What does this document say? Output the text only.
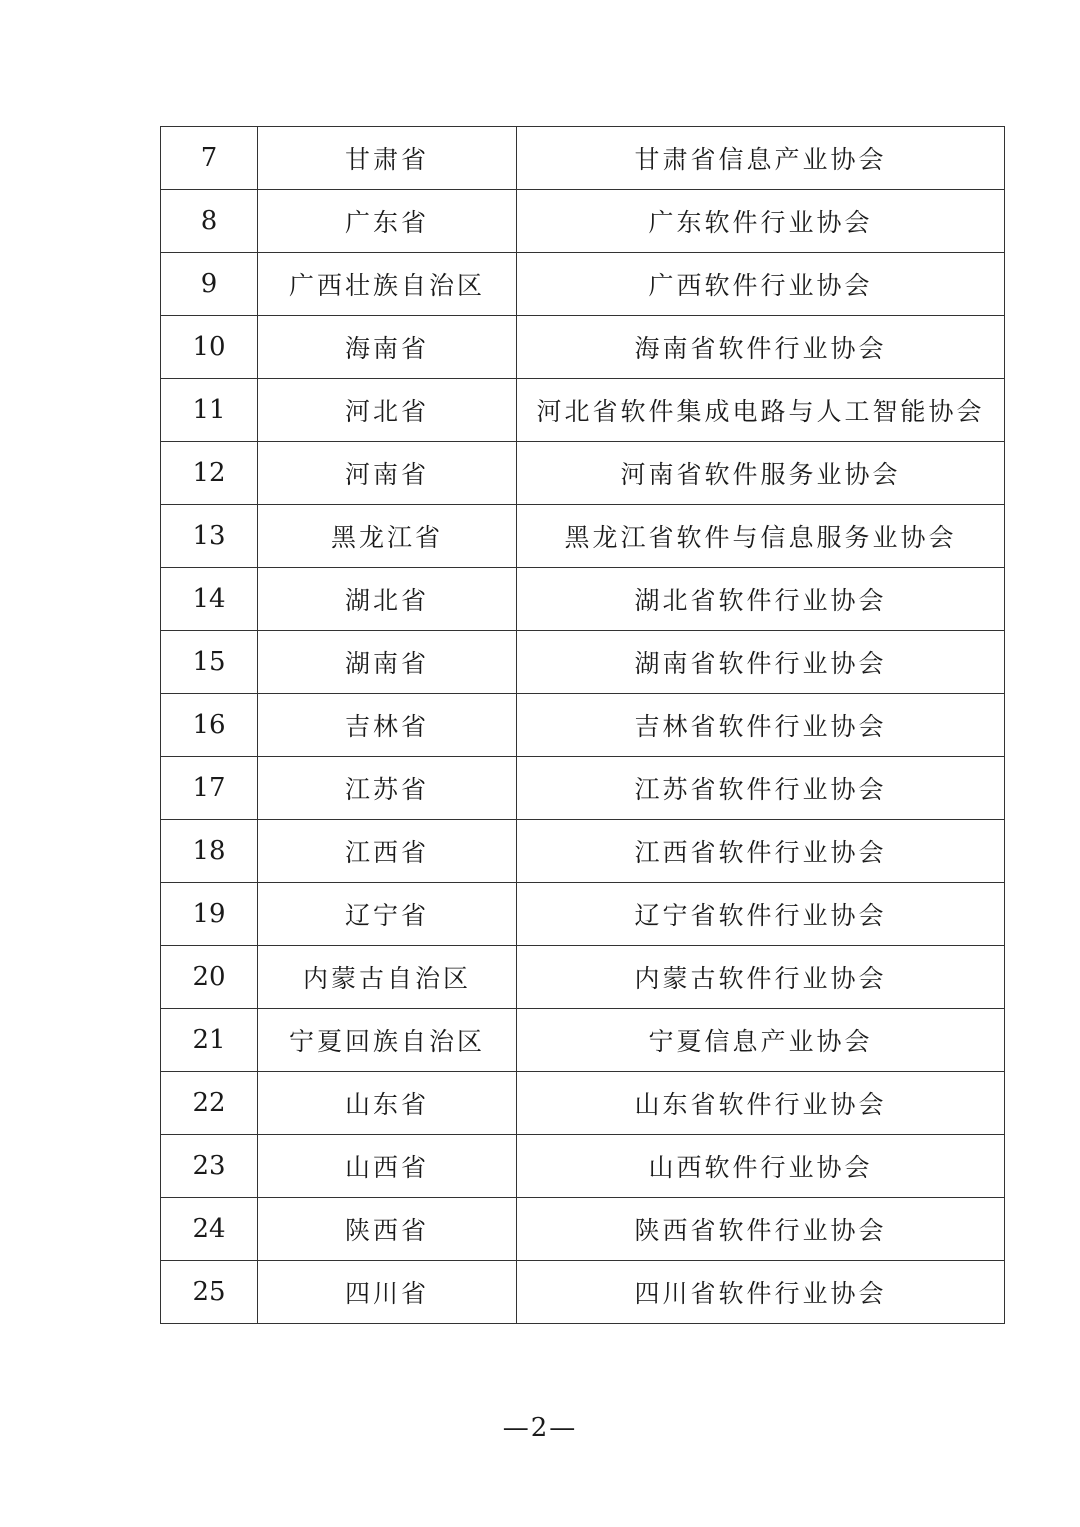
7	甘肃省	甘肃省信息产业协会
8	广东省	广东软件行业协会
9	广西壮族自治区	广西软件行业协会
10	海南省	海南省软件行业协会
11	河北省	河北省软件集成电路与人工智能协会
12	河南省	河南省软件服务业协会
13	黑龙江省	黑龙江省软件与信息服务业协会
14	湖北省	湖北省软件行业协会
15	湖南省	湖南省软件行业协会
16	吉林省	吉林省软件行业协会
17	江苏省	江苏省软件行业协会
18	江西省	江西省软件行业协会
19	辽宁省	辽宁省软件行业协会
20	内蒙古自治区	内蒙古软件行业协会
21	宁夏回族自治区	宁夏信息产业协会
22	山东省	山东省软件行业协会
23	山西省	山西软件行业协会
24	陕西省	陕西省软件行业协会
25	四川省	四川省软件行业协会
—2—
